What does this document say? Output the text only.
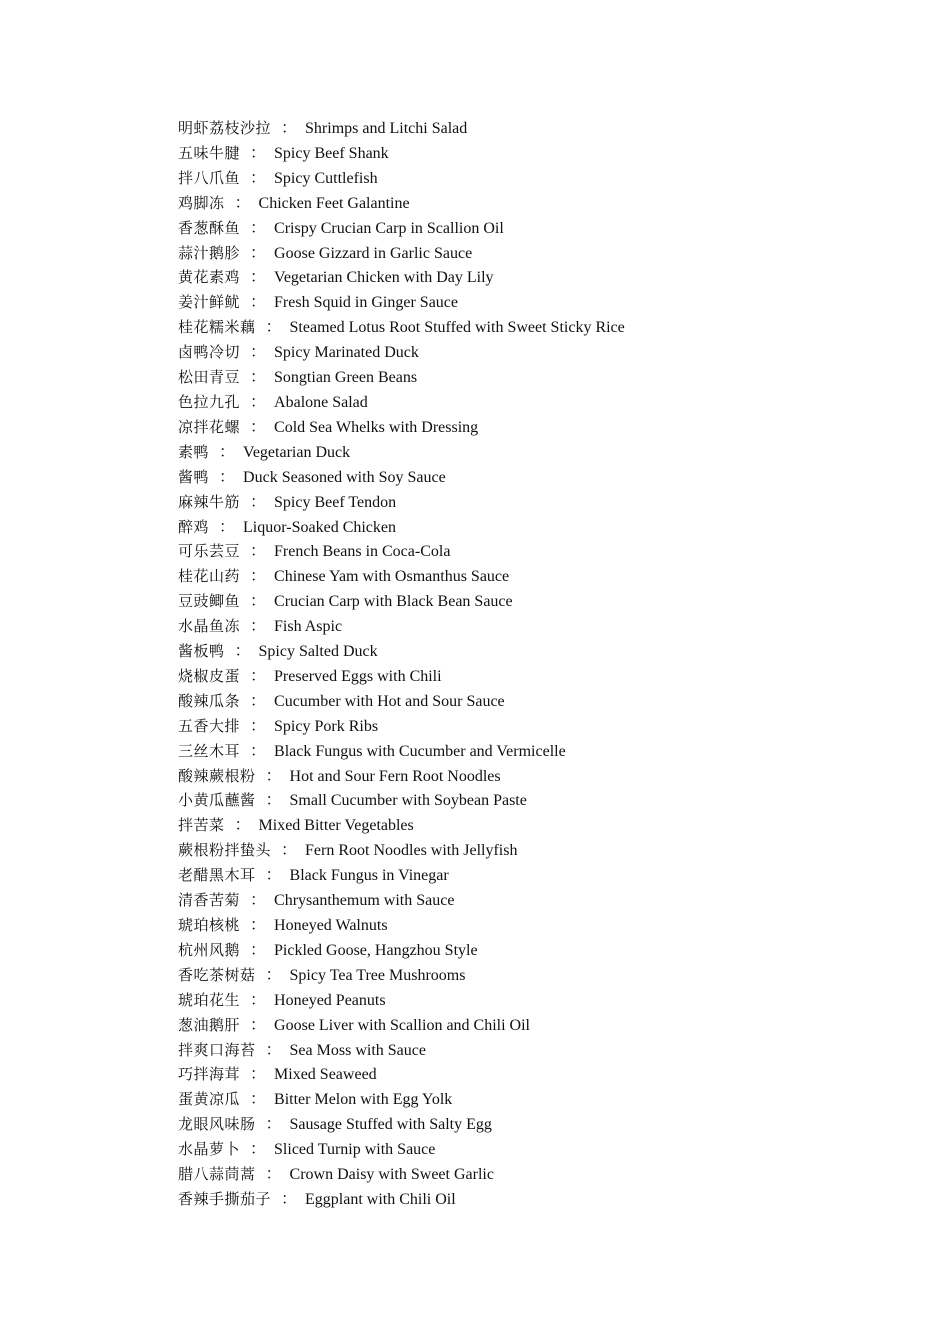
明虾荔枝沙拉 ： Shrimps and Litchi Salad
五味牛腱 ： Spicy Beef Shank
拌八爪鱼 ： Spicy Cuttlefish
鸡脚冻 ： Chicken Feet Galantine
香葱酥鱼 ： Crispy Crucian Carp in Scallion Oil
蒜汁鹅胗 ： Goose Gizzard in Garlic Sauce
黄花素鸡 ： Vegetarian Chicken with Day Lily
姜汁鲜鱿 ： Fresh Squid in Ginger Sauce
桂花糯米藕 ： Steamed Lotus Root Stuffed with Sweet Sticky Rice
卤鸭冷切 ： Spicy Marinated Duck
松田青豆 ： Songtian Green Beans
色拉九孔 ： Abalone Salad
凉拌花螺 ： Cold Sea Whelks with Dressing
素鸭 ： Vegetarian Duck
酱鸭 ： Duck Seasoned with Soy Sauce
麻辣牛筋 ： Spicy Beef Tendon
醉鸡 ： Liquor-Soaked Chicken
可乐芸豆 ： French Beans in Coca-Cola
桂花山药 ： Chinese Yam with Osmanthus Sauce
豆豉鲫鱼 ： Crucian Carp with Black Bean Sauce
水晶鱼冻 ： Fish Aspic
酱板鸭 ： Spicy Salted Duck
烧椒皮蛋 ： Preserved Eggs with Chili
酸辣瓜条 ： Cucumber with Hot and Sour Sauce
五香大排 ： Spicy Pork Ribs
三丝木耳 ： Black Fungus with Cucumber and Vermicelle
酸辣蕨根粉 ： Hot and Sour Fern Root Noodles
小黄瓜蘸酱 ： Small Cucumber with Soybean Paste
拌苦菜 ： Mixed Bitter Vegetables
蕨根粉拌蛰头 ： Fern Root Noodles with Jellyfish
老醋黑木耳 ： Black Fungus in Vinegar
清香苦菊 ： Chrysanthemum with Sauce
琥珀核桃 ： Honeyed Walnuts
杭州风鹅 ： Pickled Goose, Hangzhou Style
香吃茶树菇 ： Spicy Tea Tree Mushrooms
琥珀花生 ： Honeyed Peanuts
葱油鹅肝 ： Goose Liver with Scallion and Chili Oil
拌爽口海苔 ： Sea Moss with Sauce
巧拌海茸 ： Mixed Seaweed
蛋黄凉瓜 ： Bitter Melon with Egg Yolk
龙眼风味肠 ： Sausage Stuffed with Salty Egg
水晶萝卜 ： Sliced Turnip with Sauce
腊八蒜茼蒿 ： Crown Daisy with Sweet Garlic
香辣手撕茄子 ： Eggplant with Chili Oil
